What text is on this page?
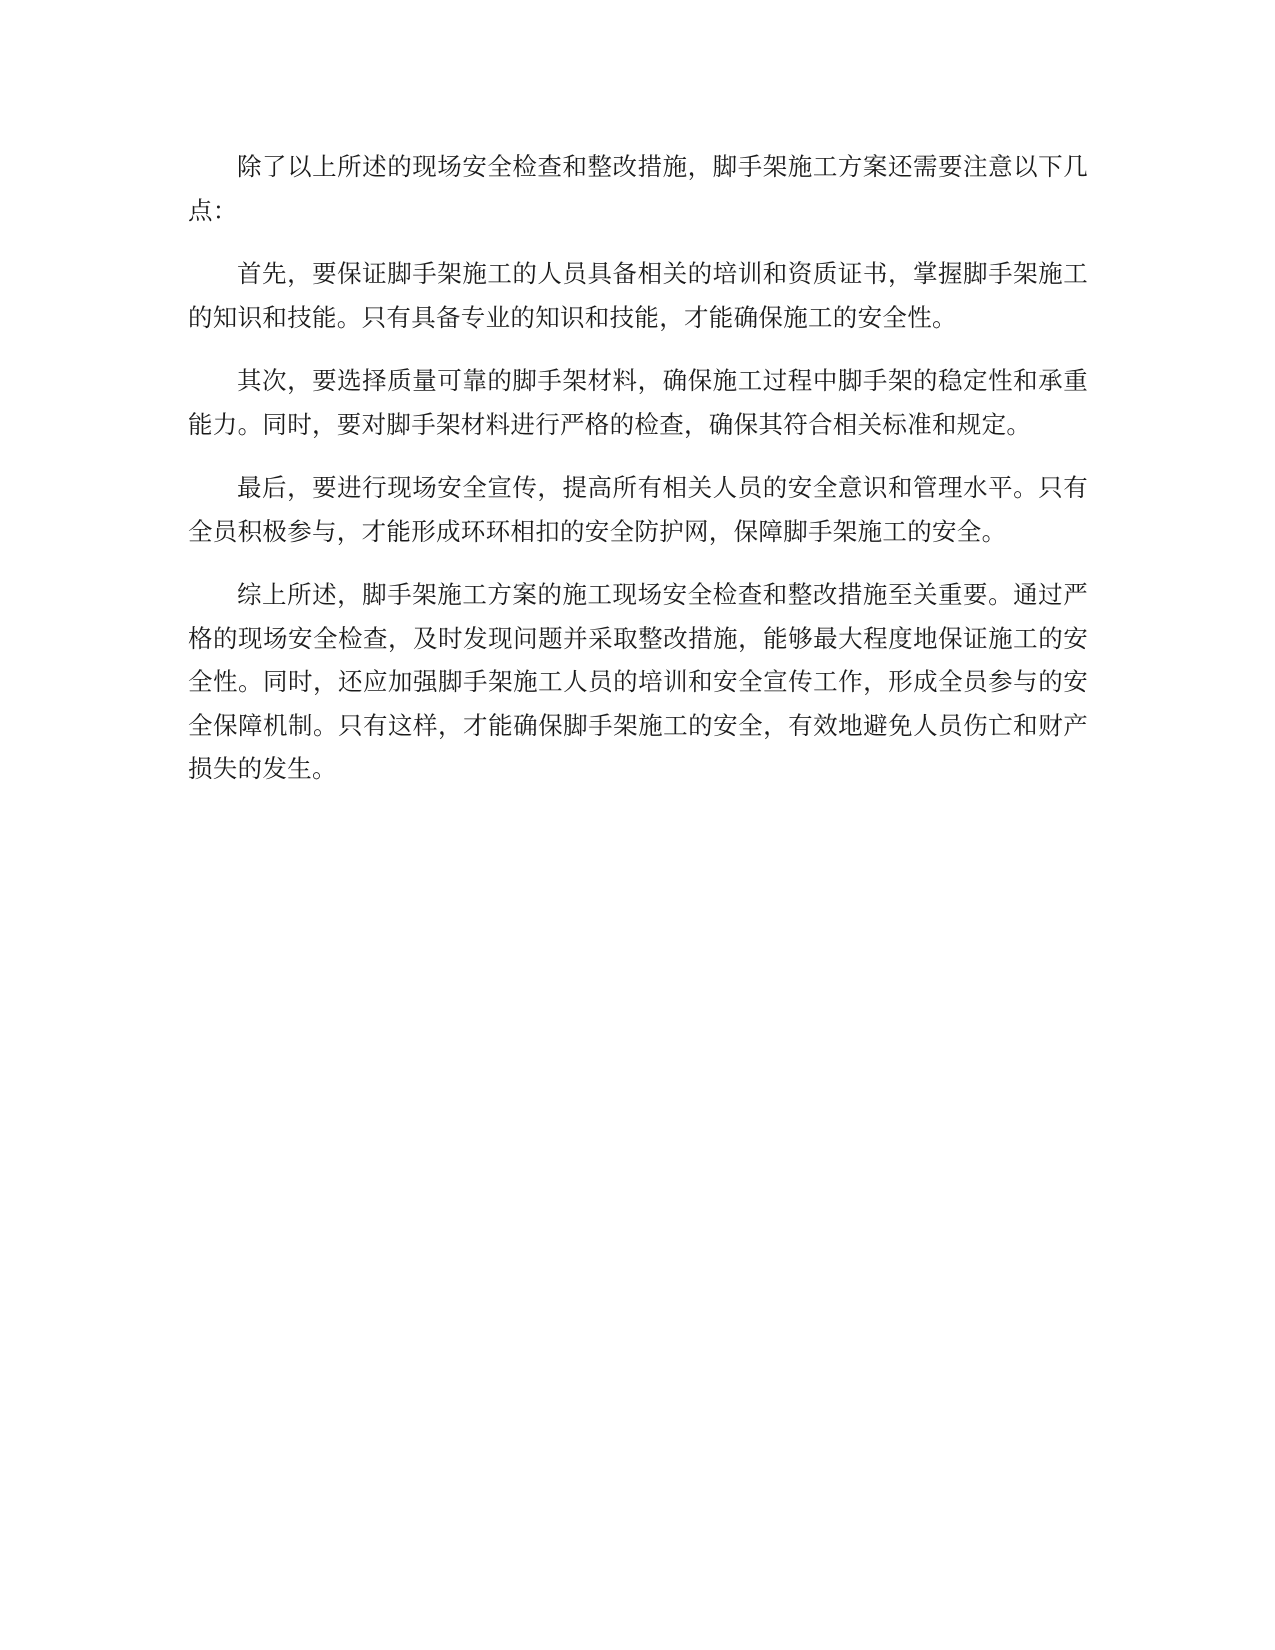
除了以上所述的现场安全检查和整改措施，脚手架施工方案还需要注意以下几点：

首先，要保证脚手架施工的人员具备相关的培训和资质证书，掌握脚手架施工的知识和技能。只有具备专业的知识和技能，才能确保施工的安全性。

其次，要选择质量可靠的脚手架材料，确保施工过程中脚手架的稳定性和承重能力。同时，要对脚手架材料进行严格的检查，确保其符合相关标准和规定。

最后，要进行现场安全宣传，提高所有相关人员的安全意识和管理水平。只有全员积极参与，才能形成环环相扣的安全防护网，保障脚手架施工的安全。

综上所述，脚手架施工方案的施工现场安全检查和整改措施至关重要。通过严格的现场安全检查，及时发现问题并采取整改措施，能够最大程度地保证施工的安全性。同时，还应加强脚手架施工人员的培训和安全宣传工作，形成全员参与的安全保障机制。只有这样，才能确保脚手架施工的安全，有效地避免人员伤亡和财产损失的发生。
